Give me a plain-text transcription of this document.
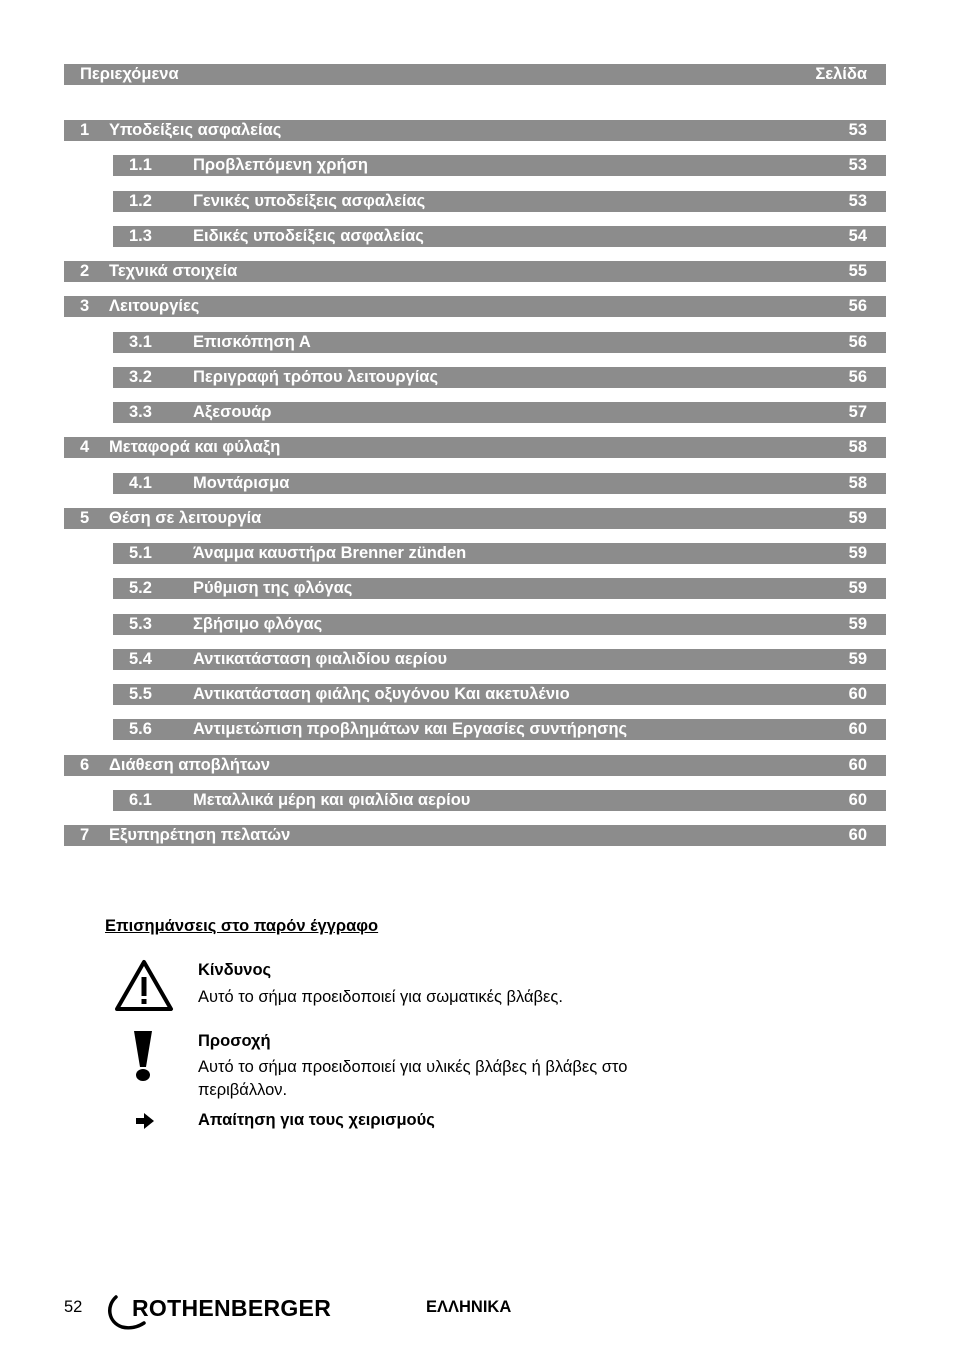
Περιεχόμενα	Σελίδα
1 Υποδείξεις ασφαλείας	53
1.1 Προβλεπόμενη χρήση	53
1.2 Γενικές υποδείξεις ασφαλείας	53
1.3 Ειδικές υποδείξεις ασφαλείας	54
2 Τεχνικά στοιχεία	55
3 Λειτουργίες	56
3.1 Επισκόπηση Α	56
3.2 Περιγραφή τρόπου λειτουργίας	56
3.3 Αξεσουάρ	57
4 Μεταφορά και φύλαξη	58
4.1 Μοντάρισμα	58
5 Θέση σε λειτουργία	59
5.1 Άναμμα καυστήρα Brenner zünden	59
5.2 Ρύθμιση της φλόγας	59
5.3 Σβήσιμο φλόγας	59
5.4 Αντικατάσταση φιαλιδίου αερίου	59
5.5 Αντικατάσταση φιάλης οξυγόνου Και ακετυλένιο	60
5.6 Αντιμετώπιση προβλημάτων και Εργασίες συντήρησης	60
6 Διάθεση αποβλήτων	60
6.1 Μεταλλικά μέρη και φιαλίδια αερίου	60
7 Εξυπηρέτηση πελατών	60
Επισημάνσεις στο παρόν έγγραφο
Κίνδυνος
Αυτό το σήμα προειδοποιεί για σωματικές βλάβες.
Προσοχή
Αυτό το σήμα προειδοποιεί για υλικές βλάβες ή βλάβες στο περιβάλλον.
Απαίτηση για τους χειρισμούς
52 ROTHENBERGER	ΕΛΛΗΝΙΚΑ
